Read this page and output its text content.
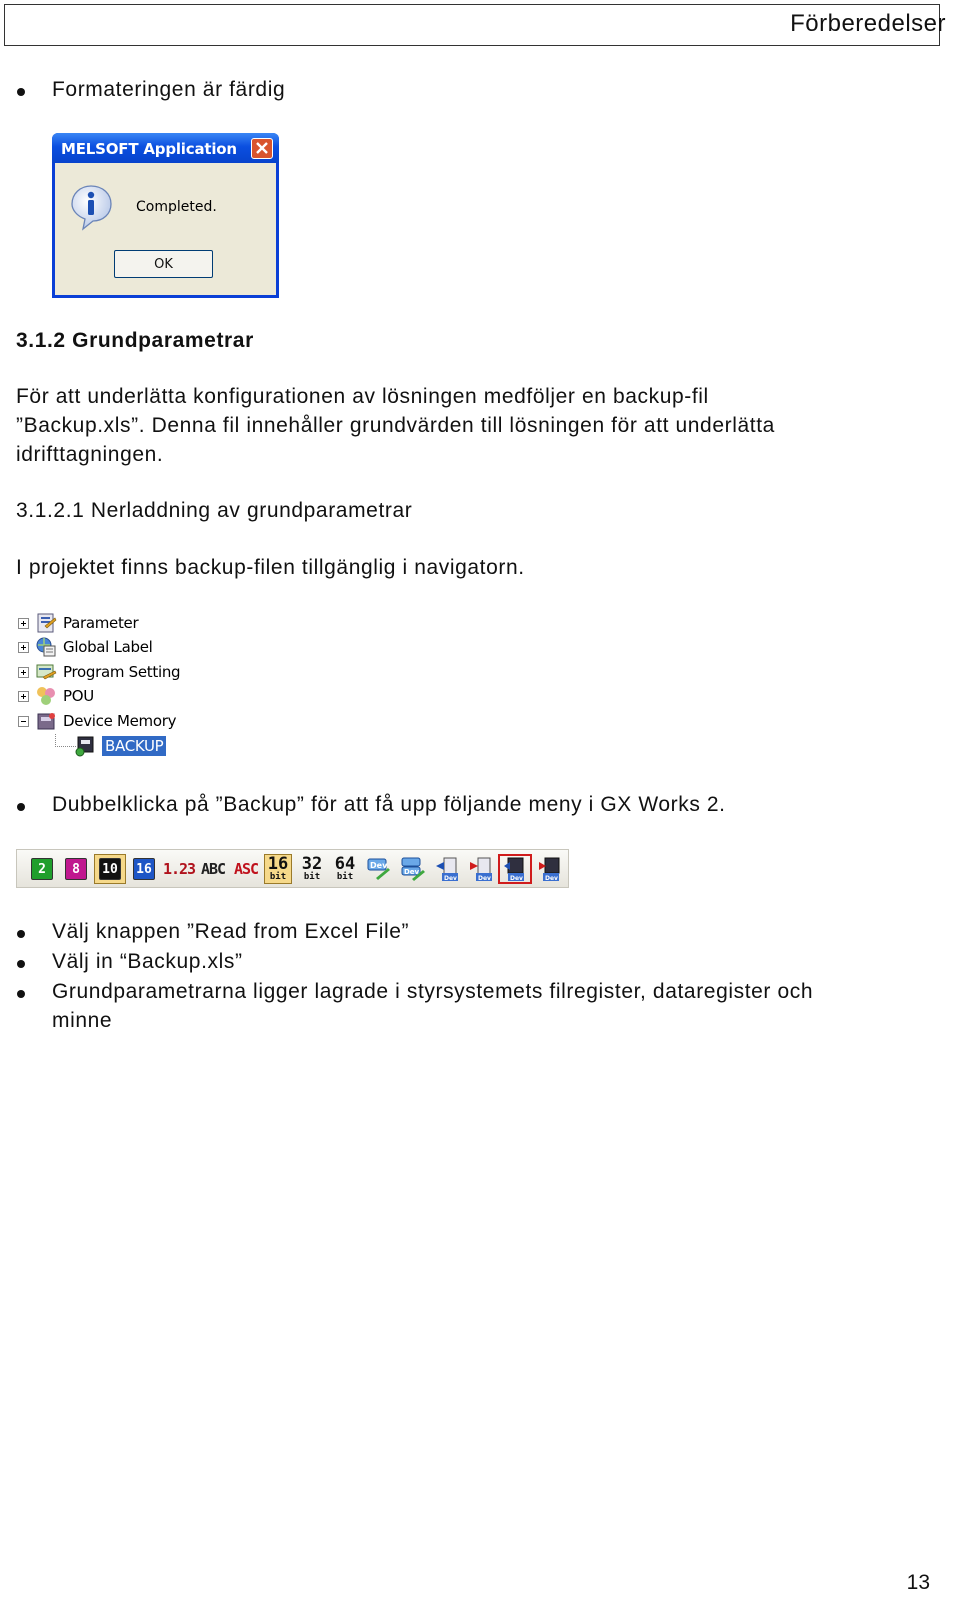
Förberedelser
Formateringen är färdig
MELSOFT Application
Completed.
OK
3.1.2 Grundparametrar
För att underlätta konfigurationen av lösningen medföljer en backup-fil
”Backup.xls”. Denna fil innehåller grundvärden till lösningen för att underlätta
idrifttagningen.
3.1.2.1 Nerladdning av grundparametrar
I projektet finns backup-filen tillgänglig i navigatorn.
Parameter
Global Label
Program Setting
POU
Device Memory
BACKUP
Dubbelklicka på ”Backup” för att få upp följande meny i GX Works 2.
2	8	10 16 1.23 ABC ASC 16
bit
32
bit
64
bit
Dev
Dev
Dev	Dev	Dev	Dev
Välj knappen ”Read from Excel File”
Välj in “Backup.xls”
Grundparametrarna ligger lagrade i styrsystemets filregister, dataregister och
minne
13
